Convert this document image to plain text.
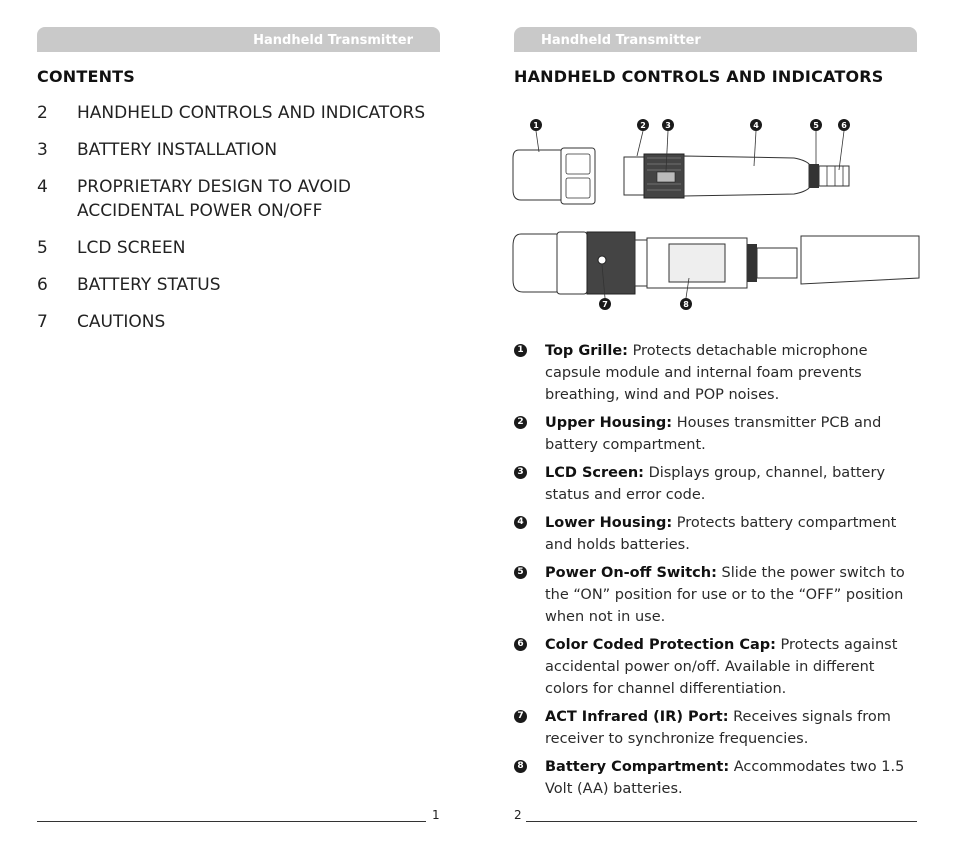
Handheld Transmitter
CONTENTS
2	HANDHELD CONTROLS AND INDICATORS
3	BATTERY INSTALLATION
4	PROPRIETARY DESIGN TO AVOID ACCIDENTAL POWER ON/OFF
5	LCD SCREEN
6	BATTERY STATUS
7	CAUTIONS
1
Handheld Transmitter
HANDHELD CONTROLS AND INDICATORS
1	2 3	4	5	6
7	8
1 Top Grille: Protects detachable microphone capsule module and internal foam prevents breathing, wind and POP noises.
2 Upper Housing: Houses transmitter PCB and battery compartment.
3 LCD Screen: Displays group, channel, battery status and error code.
4 Lower Housing: Protects battery compartment and holds batteries.
5 Power On-off Switch: Slide the power switch to the “ON” position for use or to the “OFF” position when not in use.
6 Color Coded Protection Cap: Protects against accidental power on/off. Available in different colors for channel differentiation.
7 ACT Infrared (IR) Port: Receives signals from receiver to synchronize frequencies.
8 Battery Compartment: Accommodates two 1.5 Volt (AA) batteries.
2
